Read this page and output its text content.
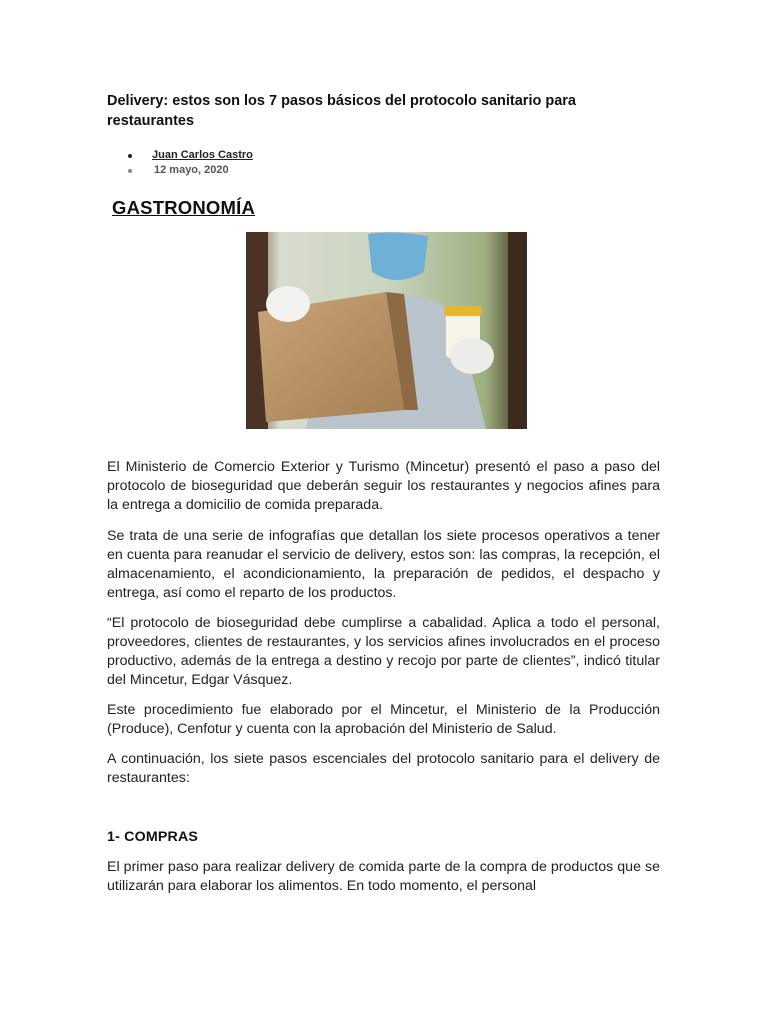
Delivery: estos son los 7 pasos básicos del protocolo sanitario para restaurantes
Juan Carlos Castro
12 mayo, 2020
GASTRONOMÍA

El Ministerio de Comercio Exterior y Turismo (Mincetur) presentó el paso a paso del protocolo de bioseguridad que deberán seguir los restaurantes y negocios afines para la entrega a domicilio de comida preparada.

Se trata de una serie de infografías que detallan los siete procesos operativos a tener en cuenta para reanudar el servicio de delivery, estos son: las compras, la recepción, el almacenamiento, el acondicionamiento, la preparación de pedidos, el despacho y entrega, así como el reparto de los productos.

“El protocolo de bioseguridad debe cumplirse a cabalidad. Aplica a todo el personal, proveedores, clientes de restaurantes, y los servicios afines involucrados en el proceso productivo, además de la entrega a destino y recojo por parte de clientes”, indicó titular del Mincetur, Edgar Vásquez.

Este procedimiento fue elaborado por el Mincetur, el Ministerio de la Producción (Produce), Cenfotur y cuenta con la aprobación del Ministerio de Salud.

A continuación, los siete pasos escenciales del protocolo sanitario para el delivery de restaurantes:

1- COMPRAS

El primer paso para realizar delivery de comida parte de la compra de productos que se utilizarán para elaborar los alimentos. En todo momento, el personal
